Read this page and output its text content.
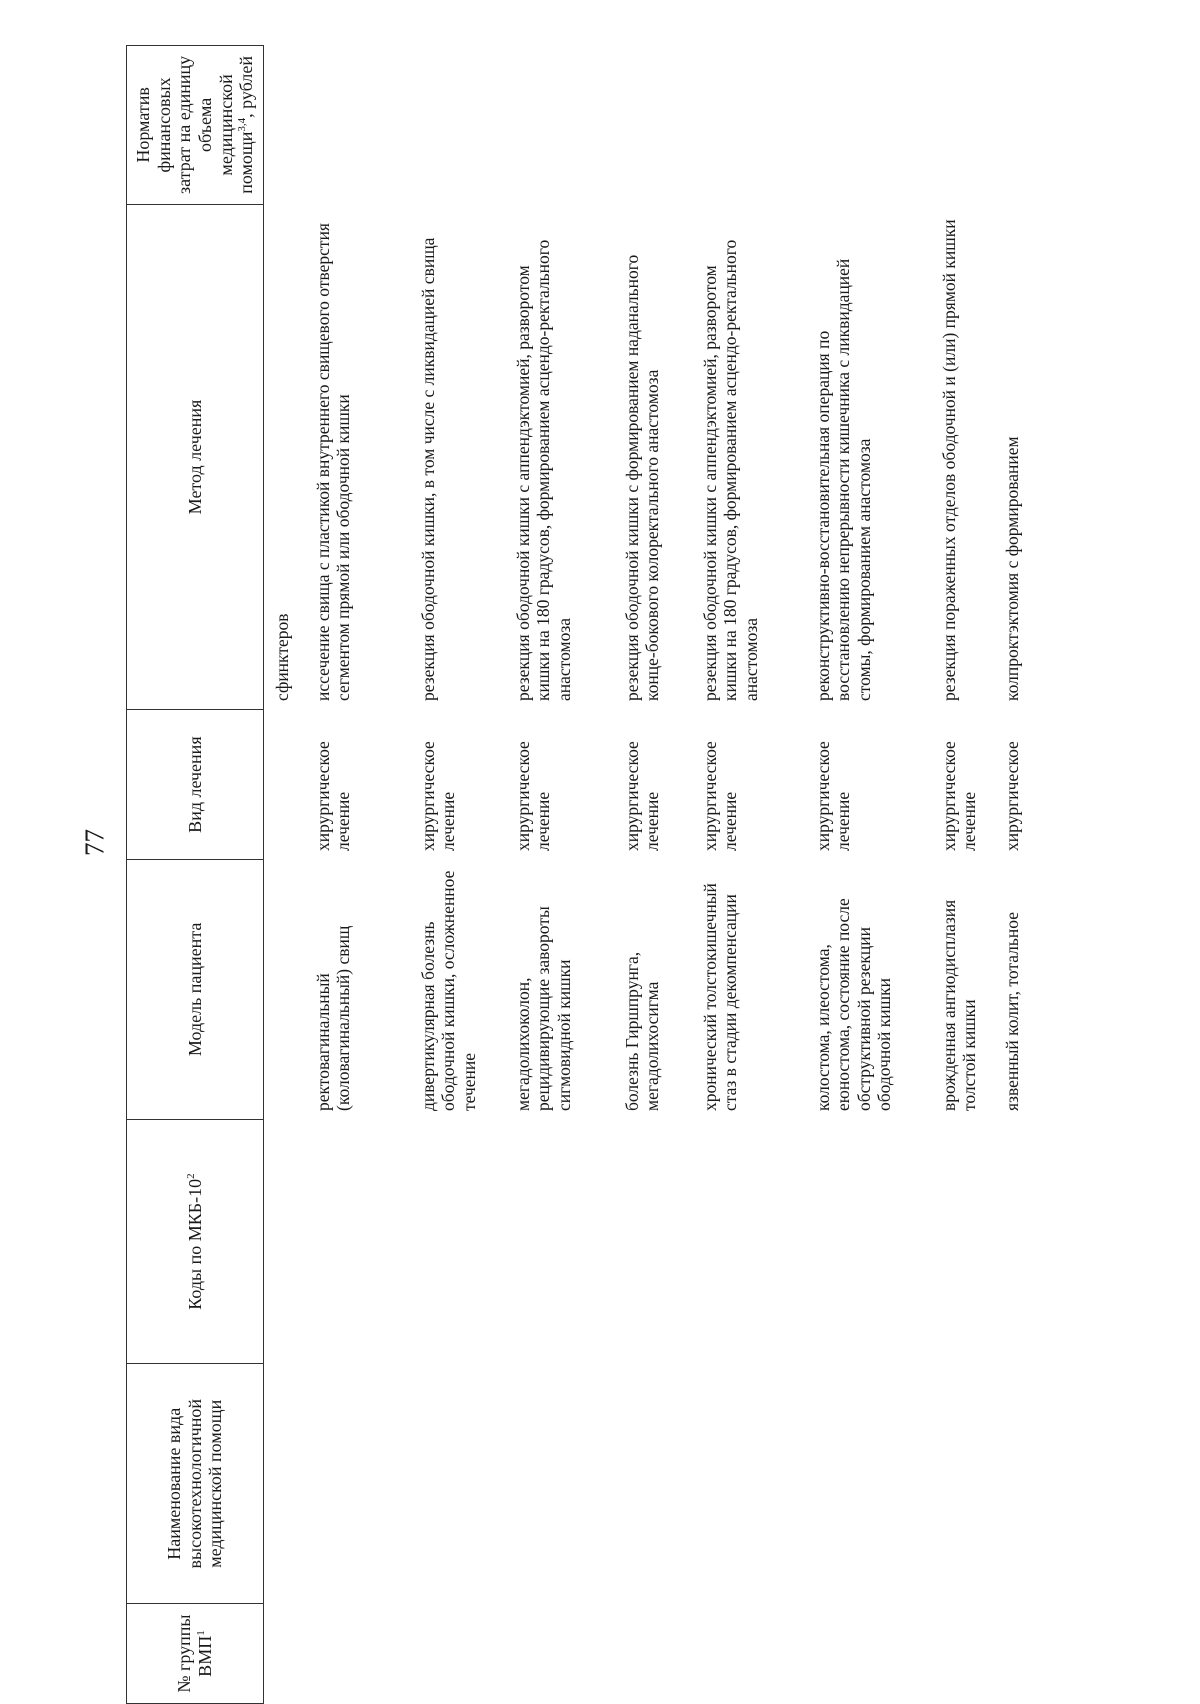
77
№ группы ВМП$^1$
Наименование вида высокотехнологичной медицинской помощи
Коды по МКБ-$10^2$
Модель пациента
Вид лечения
Метод лечения
Норматив финансовых затрат на единицу объема медицинской помощи$^{3,4}$, рублей
сфинктеров
ректовагинальный (коловагинальный) свищ
хирургическое лечение
иссечение свища с пластикой внутреннего свищевого отверстия сегментом прямой или ободочной кишки
дивертикулярная болезнь ободочной кишки, осложненное течение
хирургическое лечение
резекция ободочной кишки, в том числе с ликвидацией свища
мегадолихоколон, рецидивирующие завороты сигмовидной кишки
хирургическое лечение
резекция ободочной кишки с аппендэктомией, разворотом кишки на 180 градусов, формированием асцендо-ректального анастомоза
болезнь Гиршпрунга, мегадолихосигма
хирургическое лечение
резекция ободочной кишки с формированием наданального конце-бокового колоректального анастомоза
хронический толстокишечный стаз в стадии декомпенсации
хирургическое лечение
резекция ободочной кишки с аппендэктомией, разворотом кишки на 180 градусов, формированием асцендо-ректального анастомоза
колостома, илеостома, еюностома, состояние после обструктивной резекции ободочной кишки
хирургическое лечение
реконструктивно-восстановительная операция по восстановлению непрерывности кишечника с ликвидацией стомы, формированием анастомоза
врожденная ангиодисплазия толстой кишки
хирургическое лечение
резекция пораженных отделов ободочной и (или) прямой кишки
язвенный колит, тотальное
хирургическое
колпроктэктомия с формированием
